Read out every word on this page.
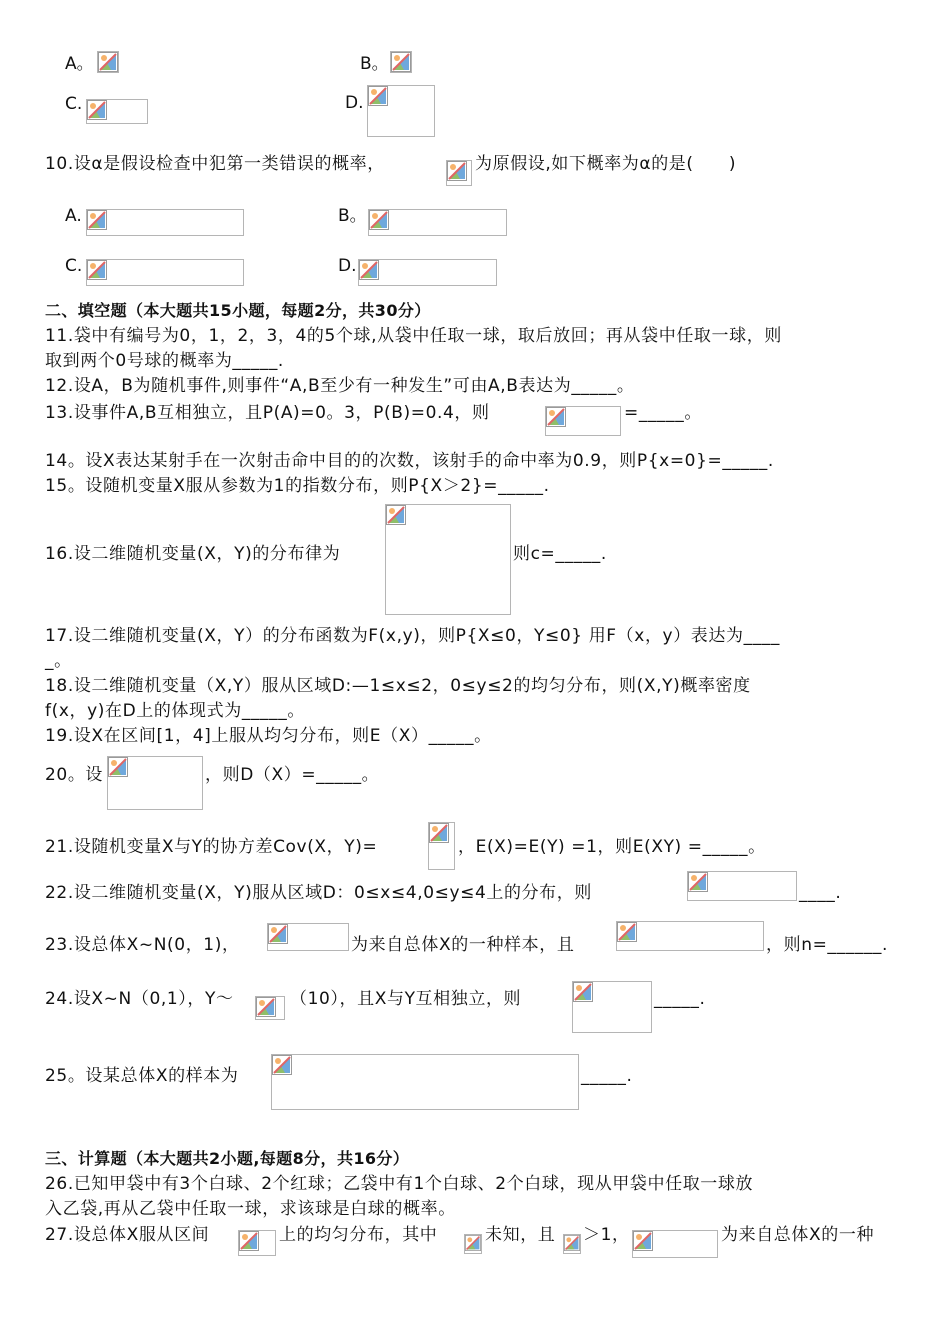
A。	B。
C.	D.
10.设α是假设检查中犯第一类错误的概率，	为原假设,如下概率为α的是(　　)
A.	B。
C.	D.
二、填空题（本大题共15小题，每题2分，共30分）
11.袋中有编号为0，1，2，3，4的5个球,从袋中任取一球，取后放回；再从袋中任取一球，则
取到两个0号球的概率为_____.
12.设A，B为随机事件,则事件“A,B至少有一种发生”可由A,B表达为_____。
13.设事件A,B互相独立，且P(A)=0。3，P(B)=0.4，则	=_____。
14。设X表达某射手在一次射击命中目的的次数，该射手的命中率为0.9，则P{x=0}=_____.
15。设随机变量X服从参数为1的指数分布，则P{X＞2}=_____.
16.设二维随机变量(X，Y)的分布律为	则c=_____.
17.设二维随机变量(X，Y）的分布函数为F(x,y)，则P{X≤0，Y≤0} 用F（x，y）表达为____
_。
18.设二维随机变量（X,Y）服从区域D:—1≤x≤2，0≤y≤2的均匀分布，则(X,Y)概率密度
f(x，y)在D上的体现式为_____。
19.设X在区间[1，4]上服从均匀分布，则E（X）_____。
20。设	，则D（X）=_____。
21.设随机变量X与Y的协方差Cov(X，Y)=	，E(X)=E(Y) =1，则E(XY) =_____。
22.设二维随机变量(X，Y)服从区域D：0≤x≤4,0≤y≤4上的分布，则	____.
23.设总体X~N(0，1)，	为来自总体X的一种样本，且	，则n=______.
24.设X~N（0,1），Y～	（10），且X与Y互相独立，则	_____.
25。设某总体X的样本为	_____.
三、计算题（本大题共2小题,每题8分，共16分）
26.已知甲袋中有3个白球、2个红球；乙袋中有1个白球、2个白球，现从甲袋中任取一球放
入乙袋,再从乙袋中任取一球，求该球是白球的概率。
27.设总体X服从区间	上的均匀分布，其中	未知，且 ＞1，	为来自总体X的一种
